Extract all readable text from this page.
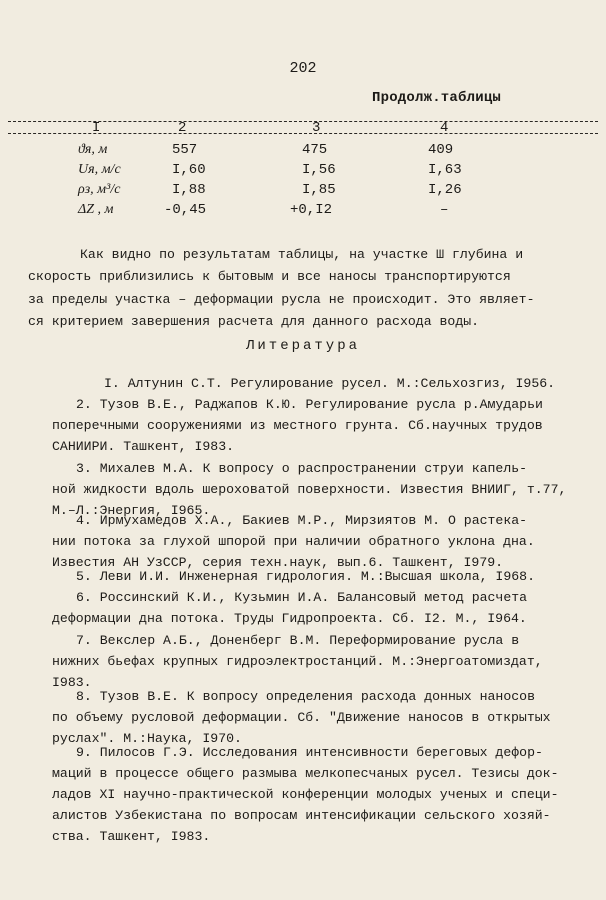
202
Продолж.таблицы
I	2	3	4
ϑя, м	557	475	409
Uя, м/с	I,60	I,56	I,63
ρз, м³/с	I,88	I,85	I,26
ΔZ , м	-0,45	+0,I2	–
Как видно по результатам таблицы, на участке Ш глубина и
скорость приблизились к бытовым и все наносы транспортируются
за пределы участка – деформации русла не происходит. Это являет-
ся критерием завершения расчета для данного расхода воды.
Литература
I. Алтунин С.Т. Регулирование русел. М.:Сельхозгиз, I956.
2. Тузов В.Е., Раджапов К.Ю. Регулирование русла р.Амударьи
поперечными сооружениями из местного грунта. Сб.научных трудов
САНИИРИ. Ташкент, I983.
3. Михалев М.А. К вопросу о распространении струи капель-
ной жидкости вдоль шероховатой поверхности. Известия ВНИИГ, т.77,
М.–Л.:Энергия, I965.
4. Ирмухамедов Х.А., Бакиев М.Р., Мирзиятов М. О растека-
нии потока за глухой шпорой при наличии обратного уклона дна.
Известия АН УзССР, серия техн.наук, вып.6. Ташкент, I979.
5. Леви И.И. Инженерная гидрология. М.:Высшая школа, I968.
6. Россинский К.И., Кузьмин И.А. Балансовый метод расчета
деформации дна потока. Труды Гидропроекта. Сб. I2. М., I964.
7. Векслер А.Б., Доненберг В.М. Переформирование русла в
нижних бьефах крупных гидроэлектростанций. М.:Энергоатомиздат,
I983.
8. Тузов В.Е. К вопросу определения расхода донных наносов
по объему русловой деформации. Сб. "Движение наносов в открытых
руслах". М.:Наука, I970.
9. Пилосов Г.Э. Исследования интенсивности береговых дефор-
маций в процессе общего размыва мелкопесчаных русел. Тезисы док-
ладов XI научно-практической конференции молодых ученых и специ-
алистов Узбекистана по вопросам интенсификации сельского хозяй-
ства. Ташкент, I983.
